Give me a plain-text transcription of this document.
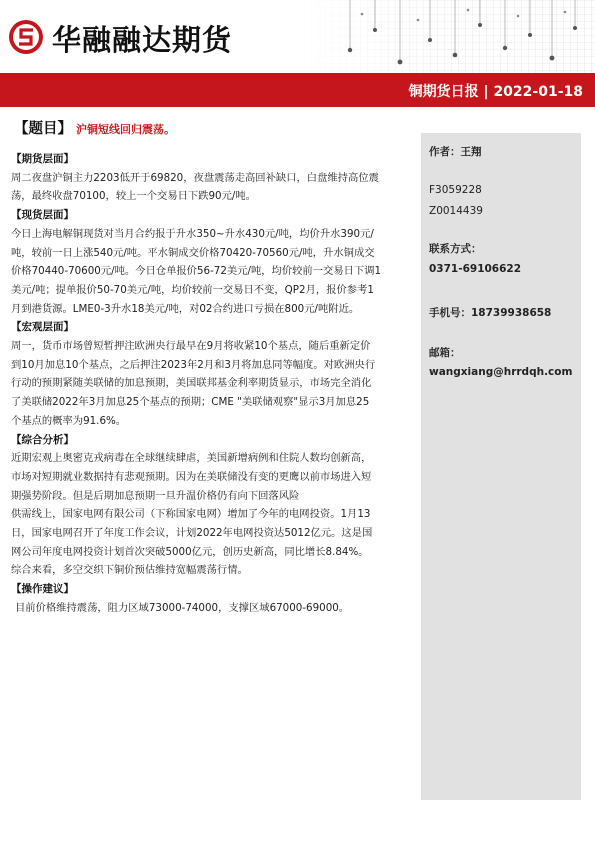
华融融达期货
铜期货日报 | 2022-01-18
【题目】 沪铜短线回归震荡。
【期货层面】
周二夜盘沪铜主力2203低开于69820，夜盘震荡走高回补缺口，白盘维持高位震
荡，最终收盘70100，较上一个交易日下跌90元/吨。
【现货层面】
今日上海电解铜现货对当月合约报于升水350~升水430元/吨，均价升水390元/
吨，较前一日上涨540元/吨。平水铜成交价格70420-70560元/吨，升水铜成交
价格70440-70600元/吨。今日仓单报价56-72美元/吨，均价较前一交易日下调1
美元/吨；提单报价50-70美元/吨，均价较前一交易日不变，QP2月，报价参考1
月到港货源。LME0-3升水18美元/吨，对02合约进口亏损在800元/吨附近。
【宏观层面】
周一，货币市场曾短暂押注欧洲央行最早在9月将收紧10个基点，随后重新定价
到10月加息10个基点，之后押注2023年2月和3月将加息同等幅度。对欧洲央行
行动的预期紧随美联储的加息预期，美国联邦基金利率期货显示，市场完全消化
了美联储2022年3月加息25个基点的预期；CME "美联储观察"显示3月加息25
个基点的概率为91.6%。
【综合分析】
近期宏观上奥密克戎病毒在全球继续肆虐，美国新增病例和住院人数均创新高，
市场对短期就业数据持有悲观预期。因为在美联储没有变的更鹰以前市场进入短
期强势阶段。但是后期加息预期一旦升温价格仍有向下回落风险
供需线上，国家电网有限公司（下称国家电网）增加了今年的电网投资。1月13
日，国家电网召开了年度工作会议，计划2022年电网投资达5012亿元。这是国
网公司年度电网投资计划首次突破5000亿元，创历史新高，同比增长8.84%。
综合来看，多空交织下铜价预估维持宽幅震荡行情。
【操作建议】
目前价格维持震荡，阻力区域73000-74000，支撑区域67000-69000。
作者：王翔
F3059228
Z0014439
联系方式：
0371-69106622
手机号：18739938658
邮箱：
wangxiang@hrrdqh.com
